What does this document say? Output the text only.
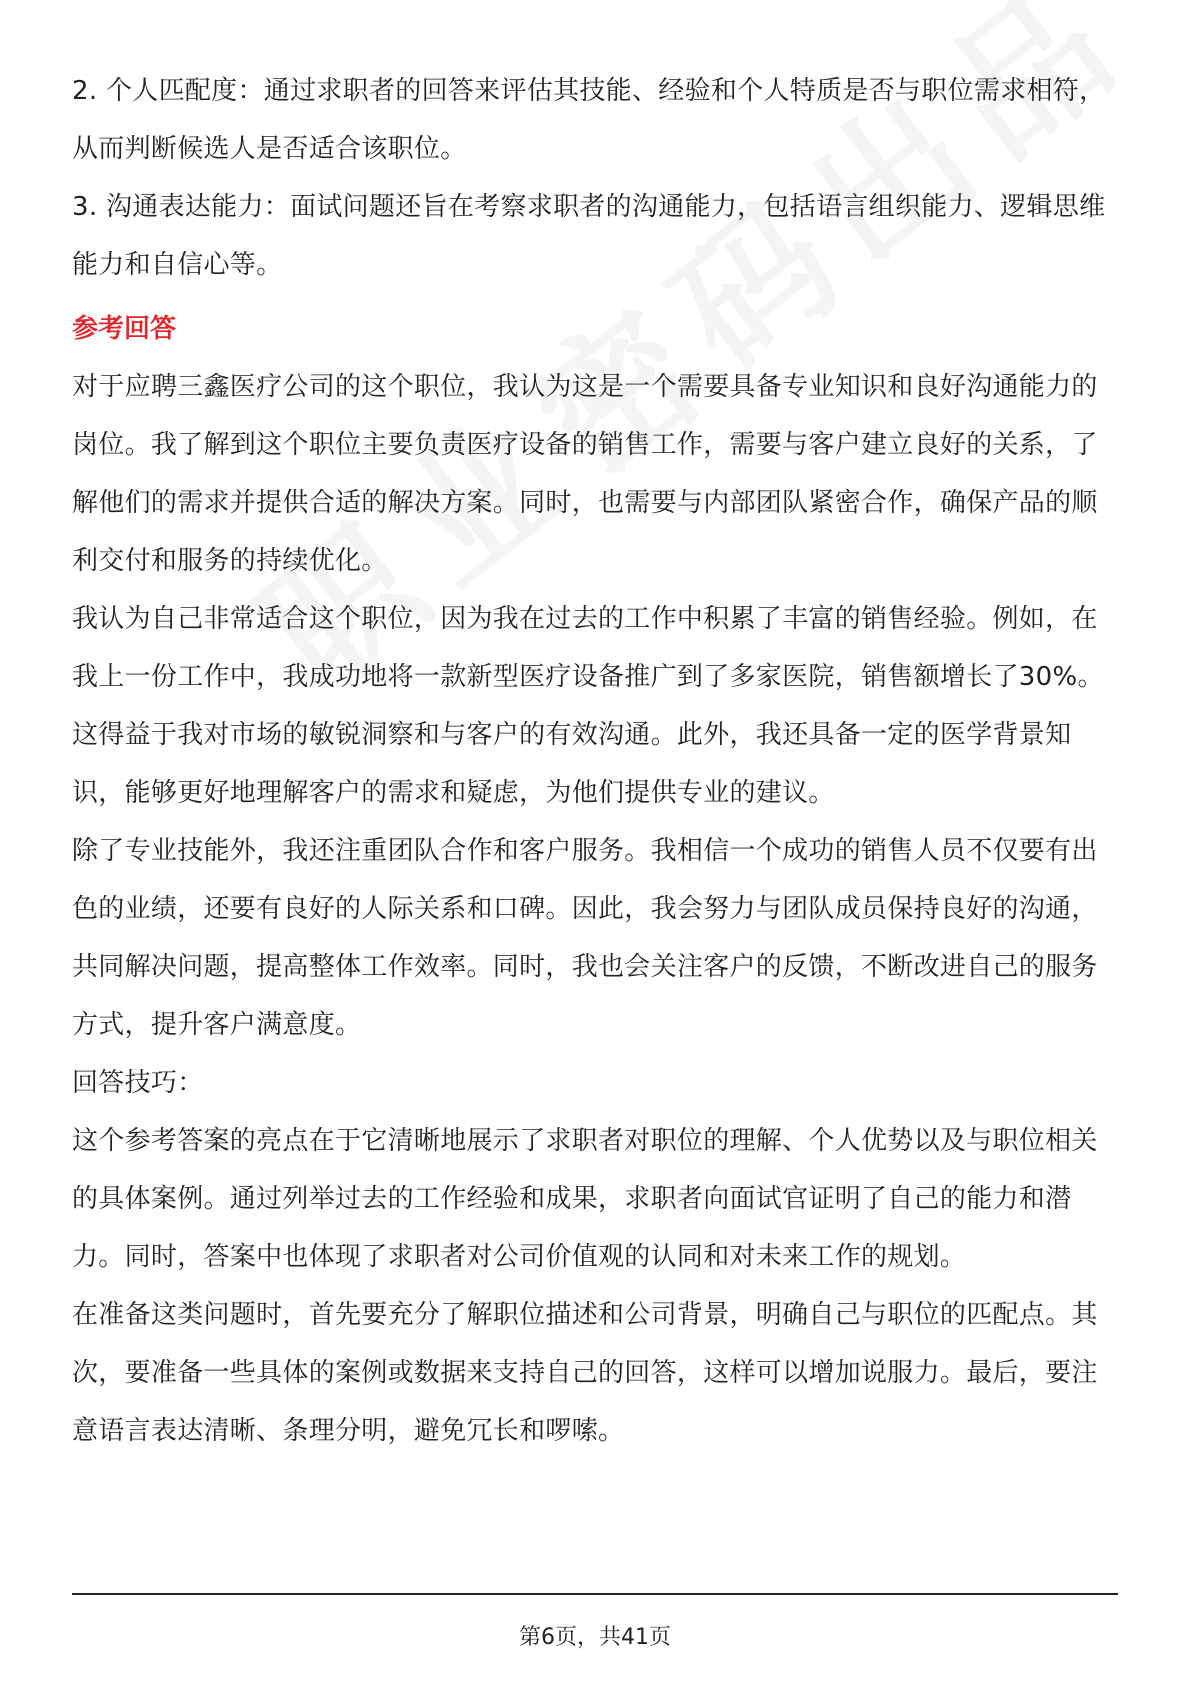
2. 个人匹配度：通过求职者的回答来评估其技能、经验和个人特质是否与职位需求相符，从而判断候选人是否适合该职位。

3. 沟通表达能力：面试问题还旨在考察求职者的沟通能力，包括语言组织能力、逻辑思维能力和自信心等。

参考回答

对于应聘三鑫医疗公司的这个职位，我认为这是一个需要具备专业知识和良好沟通能力的岗位。我了解到这个职位主要负责医疗设备的销售工作，需要与客户建立良好的关系，了解他们的需求并提供合适的解决方案。同时，也需要与内部团队紧密合作，确保产品的顺利交付和服务的持续优化。

我认为自己非常适合这个职位，因为我在过去的工作中积累了丰富的销售经验。例如，在我上一份工作中，我成功地将一款新型医疗设备推广到了多家医院，销售额增长了30%。这得益于我对市场的敏锐洞察和与客户的有效沟通。此外，我还具备一定的医学背景知识，能够更好地理解客户的需求和疑虑，为他们提供专业的建议。

除了专业技能外，我还注重团队合作和客户服务。我相信一个成功的销售人员不仅要有出色的业绩，还要有良好的人际关系和口碑。因此，我会努力与团队成员保持良好的沟通，共同解决问题，提高整体工作效率。同时，我也会关注客户的反馈，不断改进自己的服务方式，提升客户满意度。

回答技巧：

这个参考答案的亮点在于它清晰地展示了求职者对职位的理解、个人优势以及与职位相关的具体案例。通过列举过去的工作经验和成果，求职者向面试官证明了自己的能力和潜力。同时，答案中也体现了求职者对公司价值观的认同和对未来工作的规划。

在准备这类问题时，首先要充分了解职位描述和公司背景，明确自己与职位的匹配点。其次，要准备一些具体的案例或数据来支持自己的回答，这样可以增加说服力。最后，要注意语言表达清晰、条理分明，避免冗长和啰嗦。

第6页，共41页
